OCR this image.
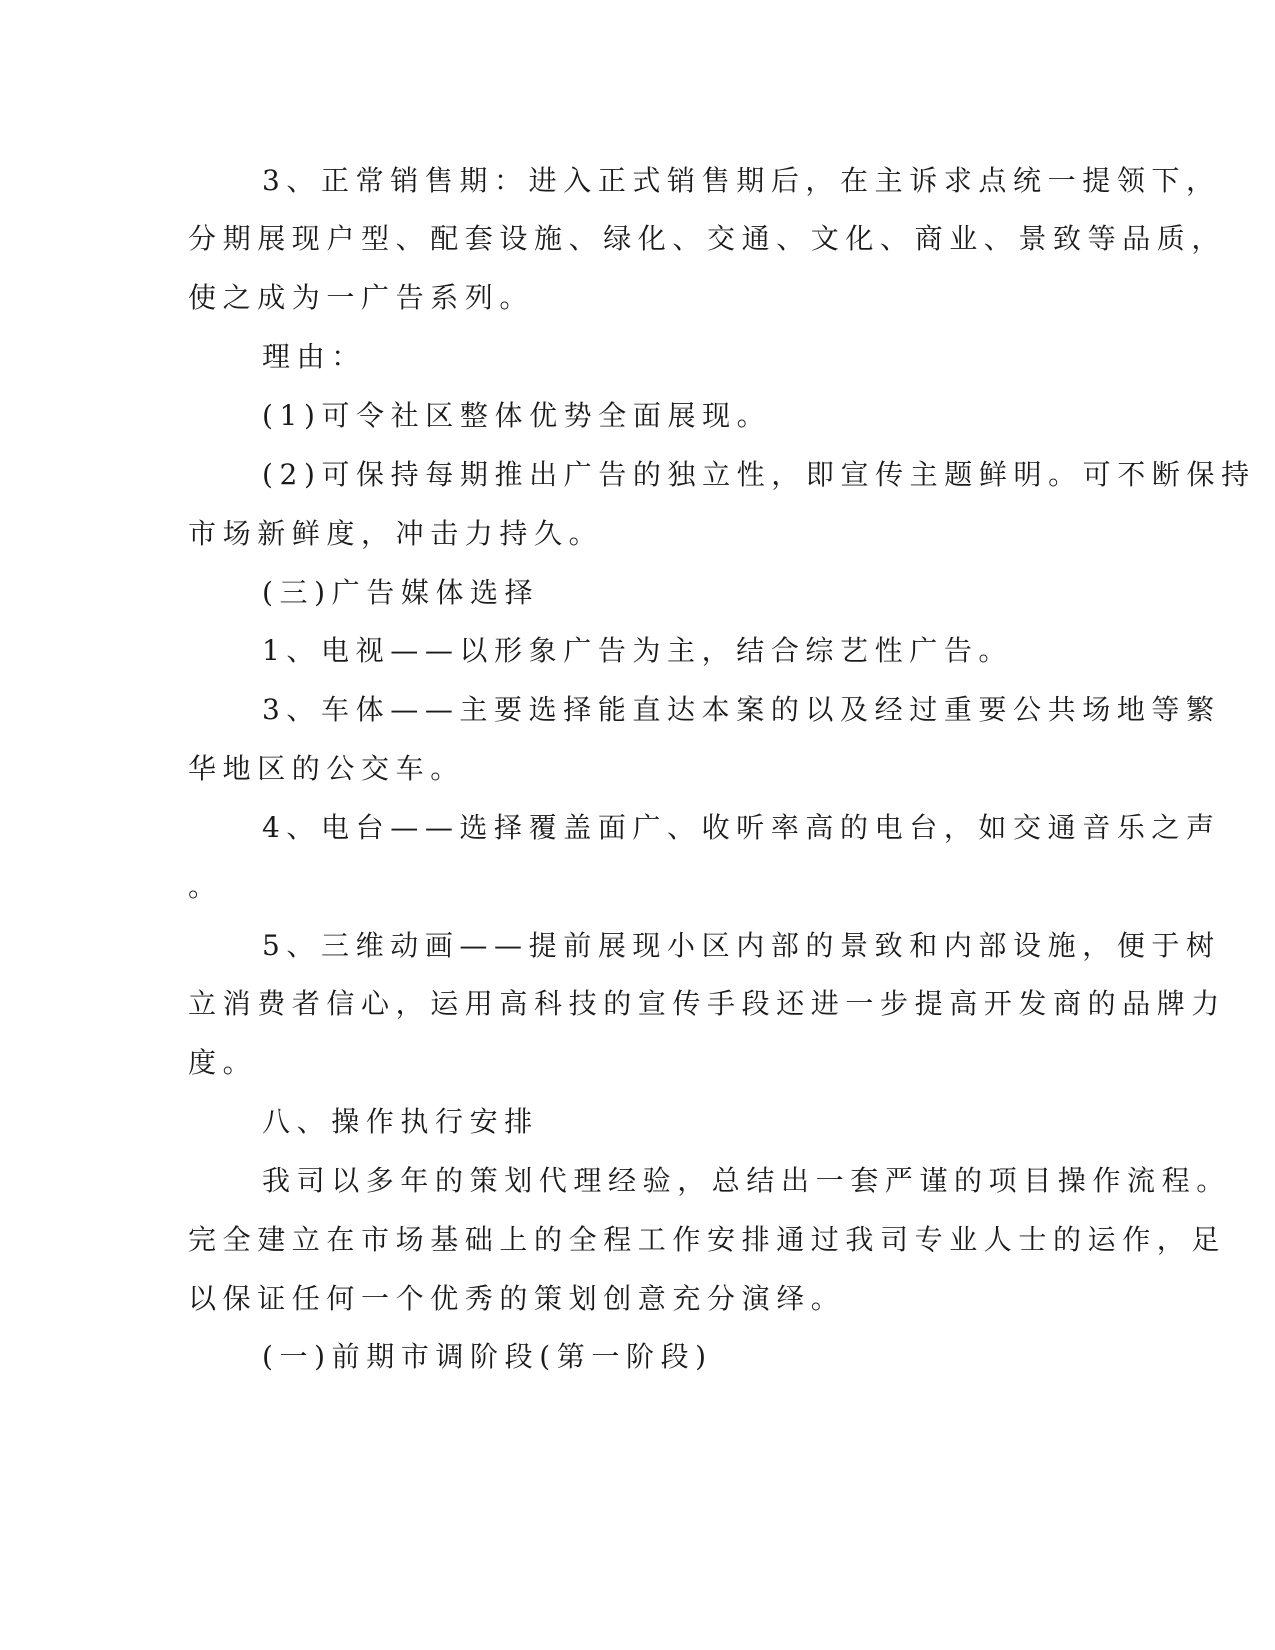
3、正常销售期：进入正式销售期后，在主诉求点统一提领下，

分期展现户型、配套设施、绿化、交通、文化、商业、景致等品质，

使之成为一广告系列。

理由：

(1)可令社区整体优势全面展现。

(2)可保持每期推出广告的独立性，即宣传主题鲜明。可不断保持

市场新鲜度，冲击力持久。

(三)广告媒体选择

1、电视——以形象广告为主，结合综艺性广告。

3、车体——主要选择能直达本案的以及经过重要公共场地等繁

华地区的公交车。

4、电台——选择覆盖面广、收听率高的电台，如交通音乐之声

。

5、三维动画——提前展现小区内部的景致和内部设施，便于树

立消费者信心，运用高科技的宣传手段还进一步提高开发商的品牌力

度。

八、操作执行安排

我司以多年的策划代理经验，总结出一套严谨的项目操作流程。

完全建立在市场基础上的全程工作安排通过我司专业人士的运作，足

以保证任何一个优秀的策划创意充分演绎。

(一)前期市调阶段(第一阶段)
